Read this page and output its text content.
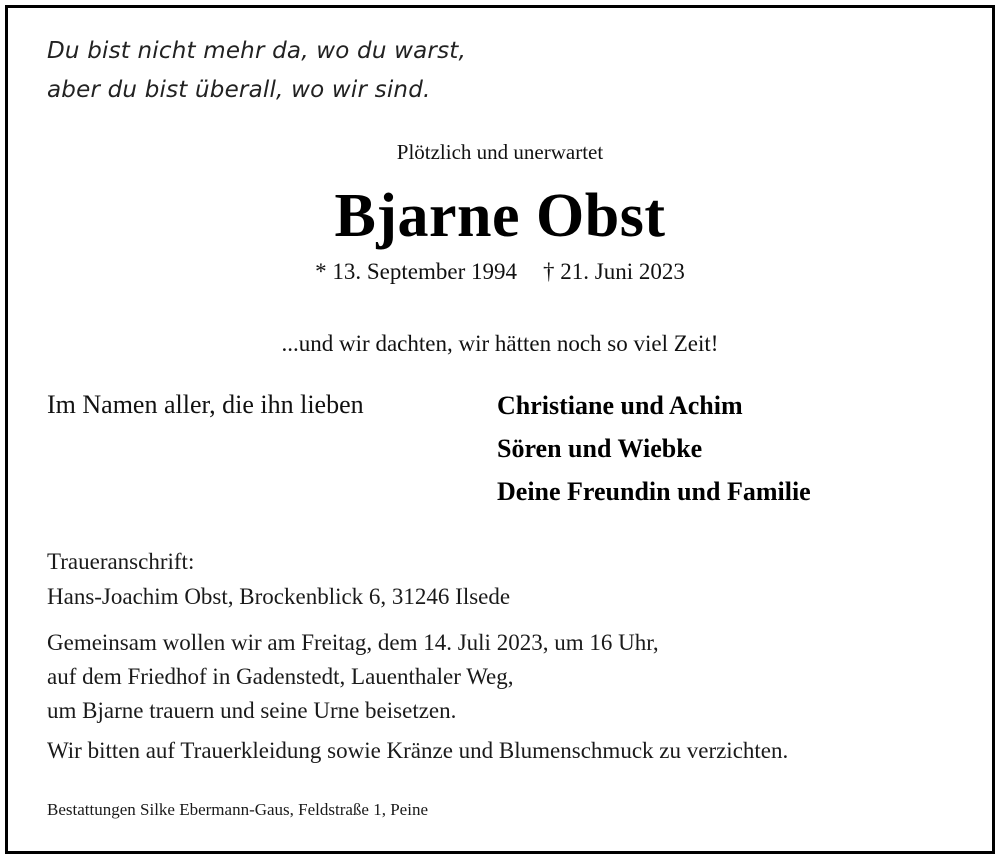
Du bist nicht mehr da, wo du warst,
aber du bist überall, wo wir sind.
Plötzlich und unerwartet
Bjarne Obst
* 13. September 1994 † 21. Juni 2023
...und wir dachten, wir hätten noch so viel Zeit!
Im Namen aller, die ihn lieben	Christiane und Achim
Sören und Wiebke
Deine Freundin und Familie
Traueranschrift:
Hans-Joachim Obst, Brockenblick 6, 31246 Ilsede
Gemeinsam wollen wir am Freitag, dem 14. Juli 2023, um 16 Uhr,
auf dem Friedhof in Gadenstedt, Lauenthaler Weg,
um Bjarne trauern und seine Urne beisetzen.
Wir bitten auf Trauerkleidung sowie Kränze und Blumenschmuck zu verzichten.
Bestattungen Silke Ebermann-Gaus, Feldstraße 1, Peine
